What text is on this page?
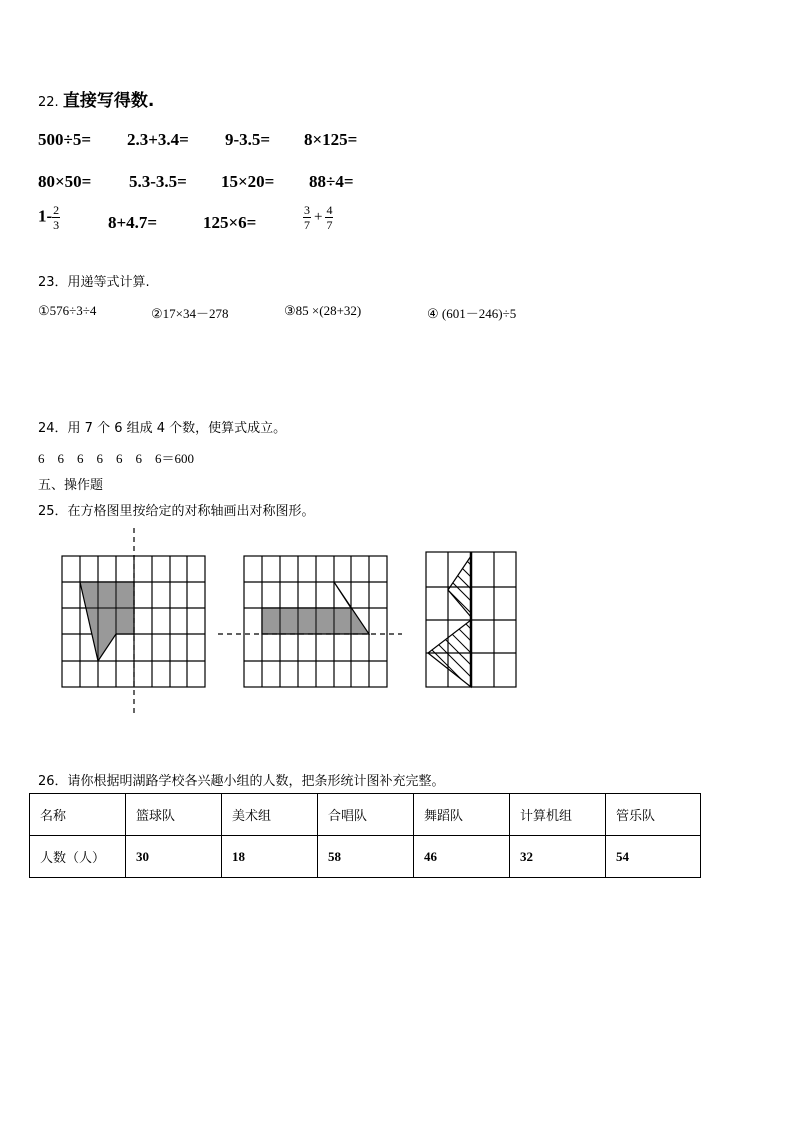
22. 直接写得数.
500÷5= 2.3+3.4= 9-3.5= 8×125=
80×50= 5.3-3.5= 15×20= 88÷4=
$1- \frac{2}{3}$	8+4.7=	125×6=	$\frac{3}{7} + \frac{4}{7}$
23．用递等式计算.
①576÷3÷4	②17×34－278	③85 ×(28+32)	④ (601－246)÷5
24．用 7 个 6 组成 4 个数，使算式成立。
6　6　6　6　6　6　6＝600
五、操作题
25．在方格图里按给定的对称轴画出对称图形。
26．请你根据明湖路学校各兴趣小组的人数，把条形统计图补充完整。
名称	篮球队	美术组	合唱队	舞蹈队	计算机组	管乐队
人数（人）	30	18	58	46	32	54
